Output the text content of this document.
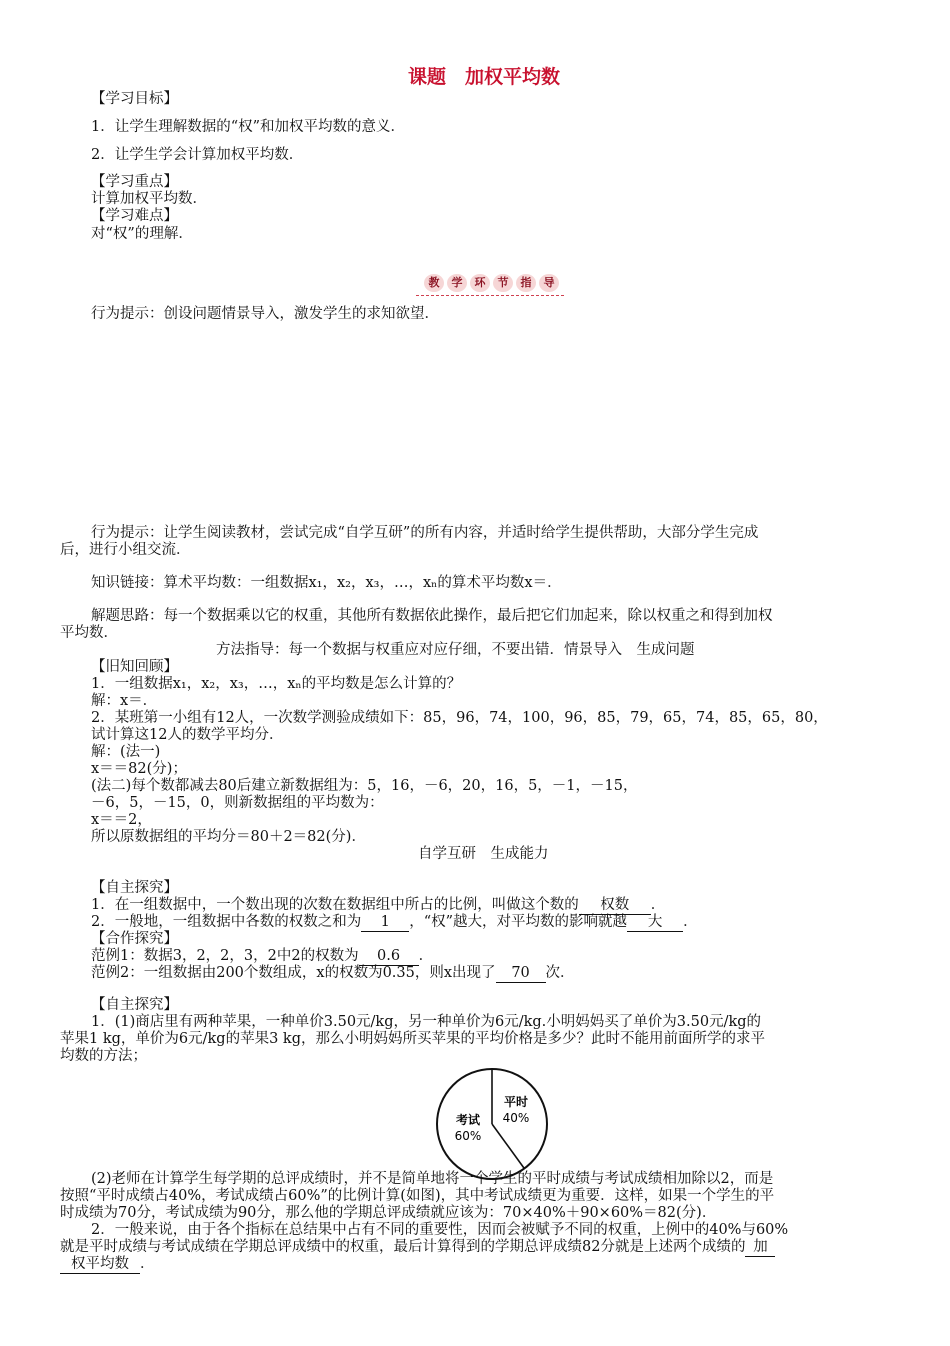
课题　加权平均数
【学习目标】
1．让学生理解数据的“权”和加权平均数的意义．
2．让学生学会计算加权平均数．
【学习重点】
计算加权平均数．
【学习难点】
对“权”的理解．
教 学 环 节 指 导
行为提示：创设问题情景导入，激发学生的求知欲望．
行为提示：让学生阅读教材，尝试完成“自学互研”的所有内容，并适时给学生提供帮助，大部分学生完成
后，进行小组交流．
知识链接：算术平均数：一组数据x₁，x₂，x₃，…，xₙ的算术平均数x＝．
解题思路：每一个数据乘以它的权重，其他所有数据依此操作，最后把它们加起来，除以权重之和得到加权
平均数．
方法指导：每一个数据与权重应对应仔细，不要出错．情景导入　生成问题
【旧知回顾】
1．一组数据x₁，x₂，x₃，…，xₙ的平均数是怎么计算的？
解：x＝．
2．某班第一小组有12人，一次数学测验成绩如下：85，96，74，100，96，85，79，65，74，85，65，80，
试计算这12人的数学平均分．
解：(法一)
x＝＝82(分)；
(法二)每个数都减去80后建立新数据组为：5，16，－6，20，16，5，－1，－15，
－6，5，－15，0，则新数据组的平均数为：
x＝＝2，
所以原数据组的平均分＝80＋2＝82(分)．
自学互研　生成能力
【自主探究】
1．在一组数据中，一个数出现的次数在数据组中所占的比例，叫做这个数的 权数 ．
2．一般地，一组数据中各数的权数之和为 1 ，“权”越大，对平均数的影响就越 大 ．
【合作探究】
范例1：数据3，2，2，3，2中2的权数为 0.6 ．
范例2：一组数据由200个数组成，x的权数为0.35，则x出现了 70 次．
【自主探究】
1．(1)商店里有两种苹果，一种单价3.50元/kg，另一种单价为6元/kg.小明妈妈买了单价为3.50元/kg的
苹果1 kg，单价为6元/kg的苹果3 kg，那么小明妈妈所买苹果的平均价格是多少？此时不能用前面所学的求平
均数的方法；
考试
60%
平时
40%
(2)老师在计算学生每学期的总评成绩时，并不是简单地将一个学生的平时成绩与考试成绩相加除以2，而是
按照“平时成绩占40%，考试成绩占60%”的比例计算(如图)，其中考试成绩更为重要．这样，如果一个学生的平
时成绩为70分，考试成绩为90分，那么他的学期总评成绩就应该为：70×40%＋90×60%＝82(分)．
2．一般来说，由于各个指标在总结果中占有不同的重要性，因而会被赋予不同的权重，上例中的40%与60%
就是平时成绩与考试成绩在学期总评成绩中的权重，最后计算得到的学期总评成绩82分就是上述两个成绩的 加
权平均数 ．
